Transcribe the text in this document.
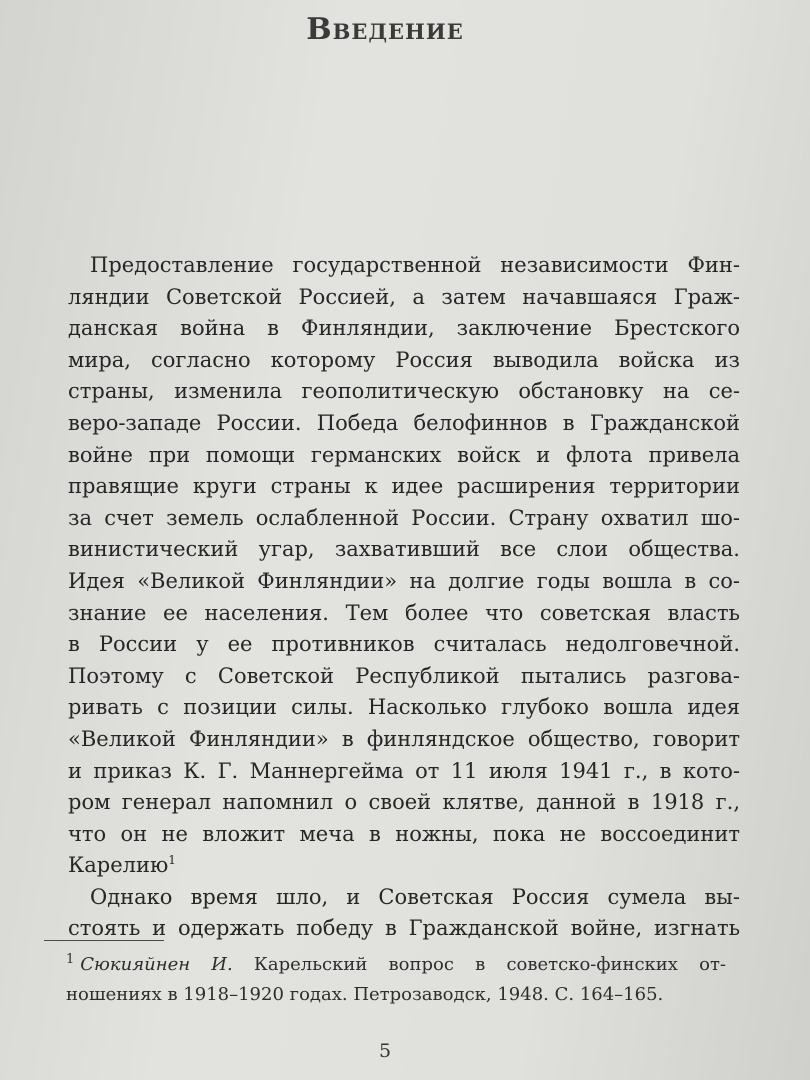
Введение
Предоставление государственной независимости Фин-
ляндии Советской Россией, а затем начавшаяся Граж-
данская война в Финляндии, заключение Брестского
мира, согласно которому Россия выводила войска из
страны, изменила геополитическую обстановку на се-
веро-западе России. Победа белофиннов в Гражданской
войне при помощи германских войск и флота привела
правящие круги страны к идее расширения территории
за счет земель ослабленной России. Страну охватил шо-
винистический угар, захвативший все слои общества.
Идея «Великой Финляндии» на долгие годы вошла в со-
знание ее населения. Тем более что советская власть
в России у ее противников считалась недолговечной.
Поэтому с Советской Республикой пытались разгова-
ривать с позиции силы. Насколько глубоко вошла идея
«Великой Финляндии» в финляндское общество, говорит
и приказ К. Г. Маннергейма от 11 июля 1941 г., в кото-
ром генерал напомнил о своей клятве, данной в 1918 г.,
что он не вложит меча в ножны, пока не воссоединит
Карелию$^1$
Однако время шло, и Советская Россия сумела вы-
стоять и одержать победу в Гражданской войне, изгнать
$^1$ Сюкияйнен И. Карельский вопрос в советско-финских от-
ношениях в 1918–1920 годах. Петрозаводск, 1948. С. 164–165.
5
